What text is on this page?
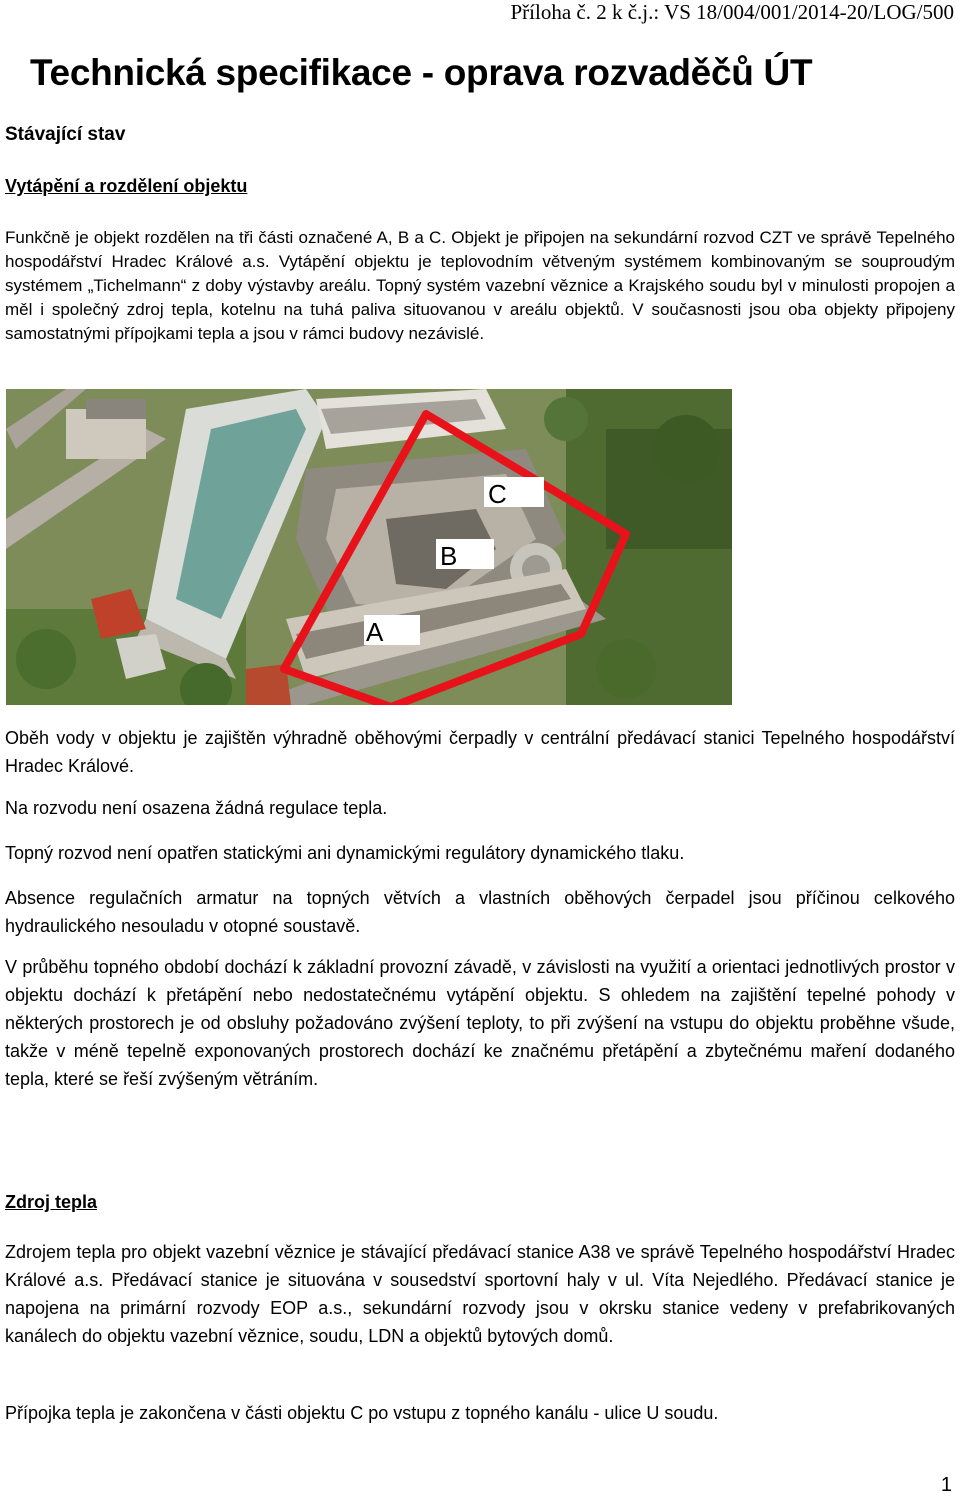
Příloha č. 2 k č.j.: VS 18/004/001/2014-20/LOG/500
Technická specifikace - oprava rozvaděčů ÚT
Stávající stav
Vytápění a rozdělení objektu

Funkčně je objekt rozdělen na tři části označené A, B a C. Objekt je připojen na sekundární rozvod CZT ve správě Tepelného hospodářství Hradec Králové a.s. Vytápění objektu je teplovodním větveným systémem kombinovaným se souproudým systémem „Tichelmann“ z doby výstavby areálu. Topný systém vazební věznice a Krajského soudu byl v minulosti propojen a měl i společný zdroj tepla, kotelnu na tuhá paliva situovanou v areálu objektů. V současnosti jsou oba objekty připojeny samostatnými přípojkami tepla a jsou v rámci budovy nezávislé.

C
B
A

Oběh vody v objektu je zajištěn výhradně oběhovými čerpadly v centrální předávací stanici Tepelného hospodářství Hradec Králové.

Na rozvodu není osazena žádná regulace tepla.

Topný rozvod není opatřen statickými ani dynamickými regulátory dynamického tlaku.

Absence regulačních armatur na topných větvích a vlastních oběhových čerpadel jsou příčinou celkového hydraulického nesouladu v otopné soustavě.

V průběhu topného období dochází k základní provozní závadě, v závislosti na využití a orientaci jednotlivých prostor v objektu dochází k přetápění nebo nedostatečnému vytápění objektu. S ohledem na zajištění tepelné pohody v některých prostorech je od obsluhy požadováno zvýšení teploty, to při zvýšení na vstupu do objektu proběhne všude, takže v méně tepelně exponovaných prostorech dochází ke značnému přetápění a zbytečnému maření dodaného tepla, které se řeší zvýšeným větráním.

Zdroj tepla

Zdrojem tepla pro objekt vazební věznice je stávající předávací stanice A38 ve správě Tepelného hospodářství Hradec Králové a.s. Předávací stanice je situována v sousedství sportovní haly v ul. Víta Nejedlého. Předávací stanice je napojena na primární rozvody EOP a.s., sekundární rozvody jsou v okrsku stanice vedeny v prefabrikovaných kanálech do objektu vazební věznice, soudu, LDN a objektů bytových domů.

Přípojka tepla je zakončena v části objektu C po vstupu z topného kanálu - ulice U soudu.

1
